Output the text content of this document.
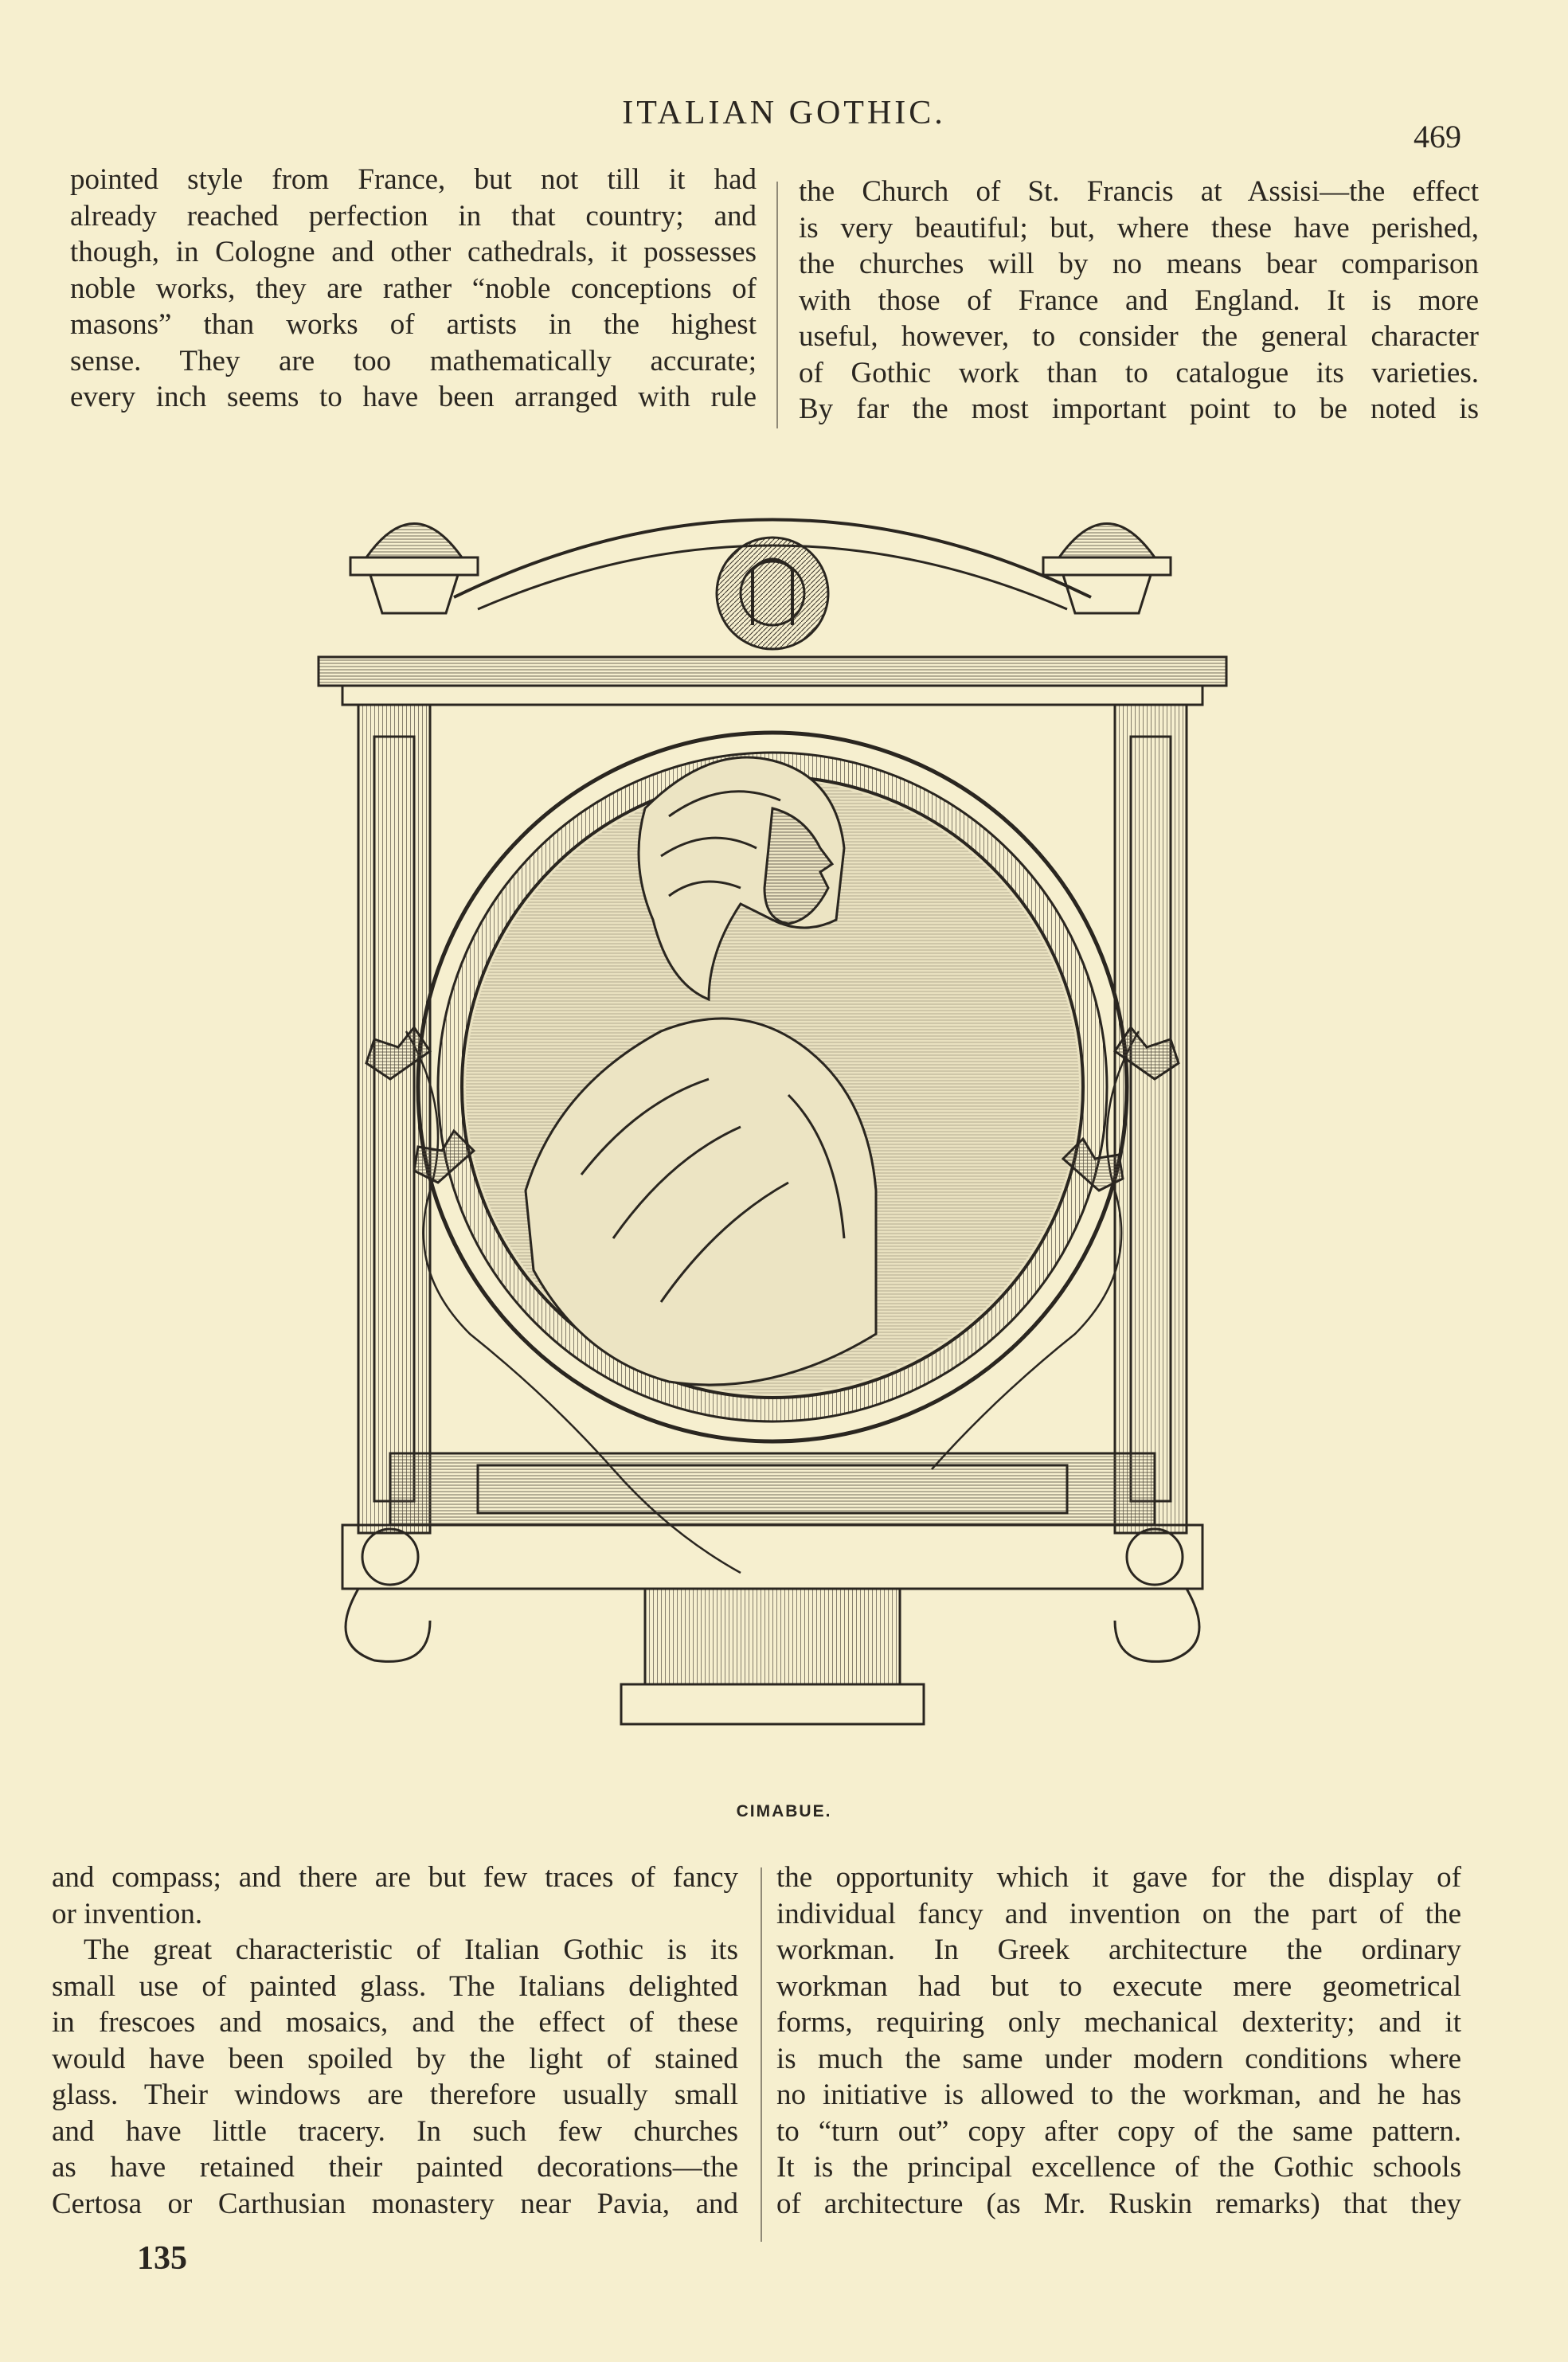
ITALIAN GOTHIC.
469

pointed style from France, but not till it had

already reached perfection in that country; and

though, in Cologne and other cathedrals, it possesses

noble works, they are rather “noble conceptions of

masons” than works of artists in the highest

sense. They are too mathematically accurate;

every inch seems to have been arranged with rule

the Church of St. Francis at Assisi—the effect

is very beautiful; but, where these have perished,

the churches will by no means bear comparison

with those of France and England. It is more

useful, however, to consider the general character

of Gothic work than to catalogue its varieties.

By far the most important point to be noted is

CIMABUE.

and compass; and there are but few traces of fancy

or invention.

The great characteristic of Italian Gothic is its

small use of painted glass. The Italians delighted

in frescoes and mosaics, and the effect of these

would have been spoiled by the light of stained

glass. Their windows are therefore usually small

and have little tracery. In such few churches

as have retained their painted decorations—the

Certosa or Carthusian monastery near Pavia, and

the opportunity which it gave for the display of

individual fancy and invention on the part of the

workman. In Greek architecture the ordinary

workman had but to execute mere geometrical

forms, requiring only mechanical dexterity; and it

is much the same under modern conditions where

no initiative is allowed to the workman, and he has

to “turn out” copy after copy of the same pattern.

It is the principal excellence of the Gothic schools

of architecture (as Mr. Ruskin remarks) that they

135
